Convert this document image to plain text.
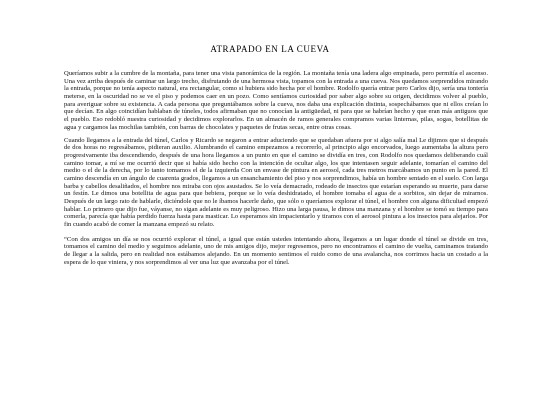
ATRAPADO EN LA CUEVA

Queríamos subir a la cumbre de la montaña, para tener una vista panorámica de la región. La montaña tenía una ladera algo empinada, pero permitía el ascenso. Una vez arriba después de caminar un largo trecho, disfrutando de una hermosa vista, topamos con la entrada a una cueva. Nos quedamos sorprendidos mirando la entrada, porque no tenía aspecto natural, era rectangular, como si hubiera sido hecha por el hombre. Rodolfo quería entrar pero Carlos dijo, sería una tontería meterse, en la oscuridad no se ve el piso y podemos caer en un pozo. Como sentíamos curiosidad por saber algo sobre su origen, decidimos volver al pueblo, para averiguar sobre su existencia. A cada persona que preguntábamos sobre la cueva, nos daba una explicación distinta, sospechábamos que ni ellos creían lo que decían. En algo coincidían hablaban de túneles, todos afirmaban que no conocían la antigüedad, ni para que se habrían hecho y que eran más antiguos que el pueblo. Eso redobló nuestra curiosidad y decidimos explorarlos. En un almacén de ramos generales compramos varias linternas, pilas, sogas, botellitas de agua y cargamos las mochilas también, con barras de chocolates y paquetes de frutas secas, entre otras cosas.

Cuando llegamos a la entrada del túnel, Carlos y Ricardo se negaron a entrar aduciendo que se quedaban afuera por si algo salía mal Le dijimos que si después de dos horas no regresábamos, pidieran auxilio. Alumbrando el camino empezamos a recorrerlo, al principio algo encorvados, luego aumentaba la altura pero progresivamente iba descendiendo, después de una hora llegamos a un punto en que el camino se dividía en tres, con Rodolfo nos quedamos deliberando cuál camino tomar, a mí se me ocurrió decir que si había sido hecho con la intención de ocultar algo, los que intentasen seguir adelante, tomarían el camino del medio o el de la derecha, por lo tanto tomamos el de la izquierda Con un envase de pintura en aerosol, cada tres metros marcábamos un punto en la pared. El camino descendía en un ángulo de cuarenta grados, llegamos a un ensanchamiento del piso y nos sorprendimos, había un hombre sentado en el suelo. Con larga barba y cabellos desaliñados, el hombre nos miraba con ojos asustados. Se lo veía demacrado, rodeado de insectos que estarían esperando su muerte, para darse un festín. Le dimos una botellita de agua para que bebiera, porque se lo veía deshidratado, el hombre tomaba el agua de a sorbitos, sin dejar de mirarnos. Después de un largo rato de hablarle, diciéndole que no le íbamos hacerle daño, que sólo o queríamos explorar el túnel, el hombre con alguna dificultad empezó hablar. Lo primero que dijo fue, váyanse, no sigan adelante es muy peligroso. Hizo una larga pausa, le dimos una manzana y el hombre se tomó su tiempo para comerla, parecía que había perdido fuerza hasta para masticar. Lo esperamos sin impacientarlo y tiramos con el aerosol pintura a los insectos para alejarlos. Por fin cuando acabó de comer la manzana empezó su relato.

“Con dos amigos un día se nos ocurrió explorar el túnel, a igual que están ustedes intentando ahora, llegamos a un lugar donde el túnel se divide en tres, tomamos el camino del medio y seguimos adelante, uno de mis amigos dijo, mejor regresemos, pero no encontramos el camino de vuelta, caminamos tratando de llegar a la salida, pero en realidad nos estábamos alejando. En un momento sentimos el ruido como de una avalancha, nos corrimos hacia un costado a la espera de lo que viniera, y nos sorprendimos al ver una luz que avanzaba por el túnel.
